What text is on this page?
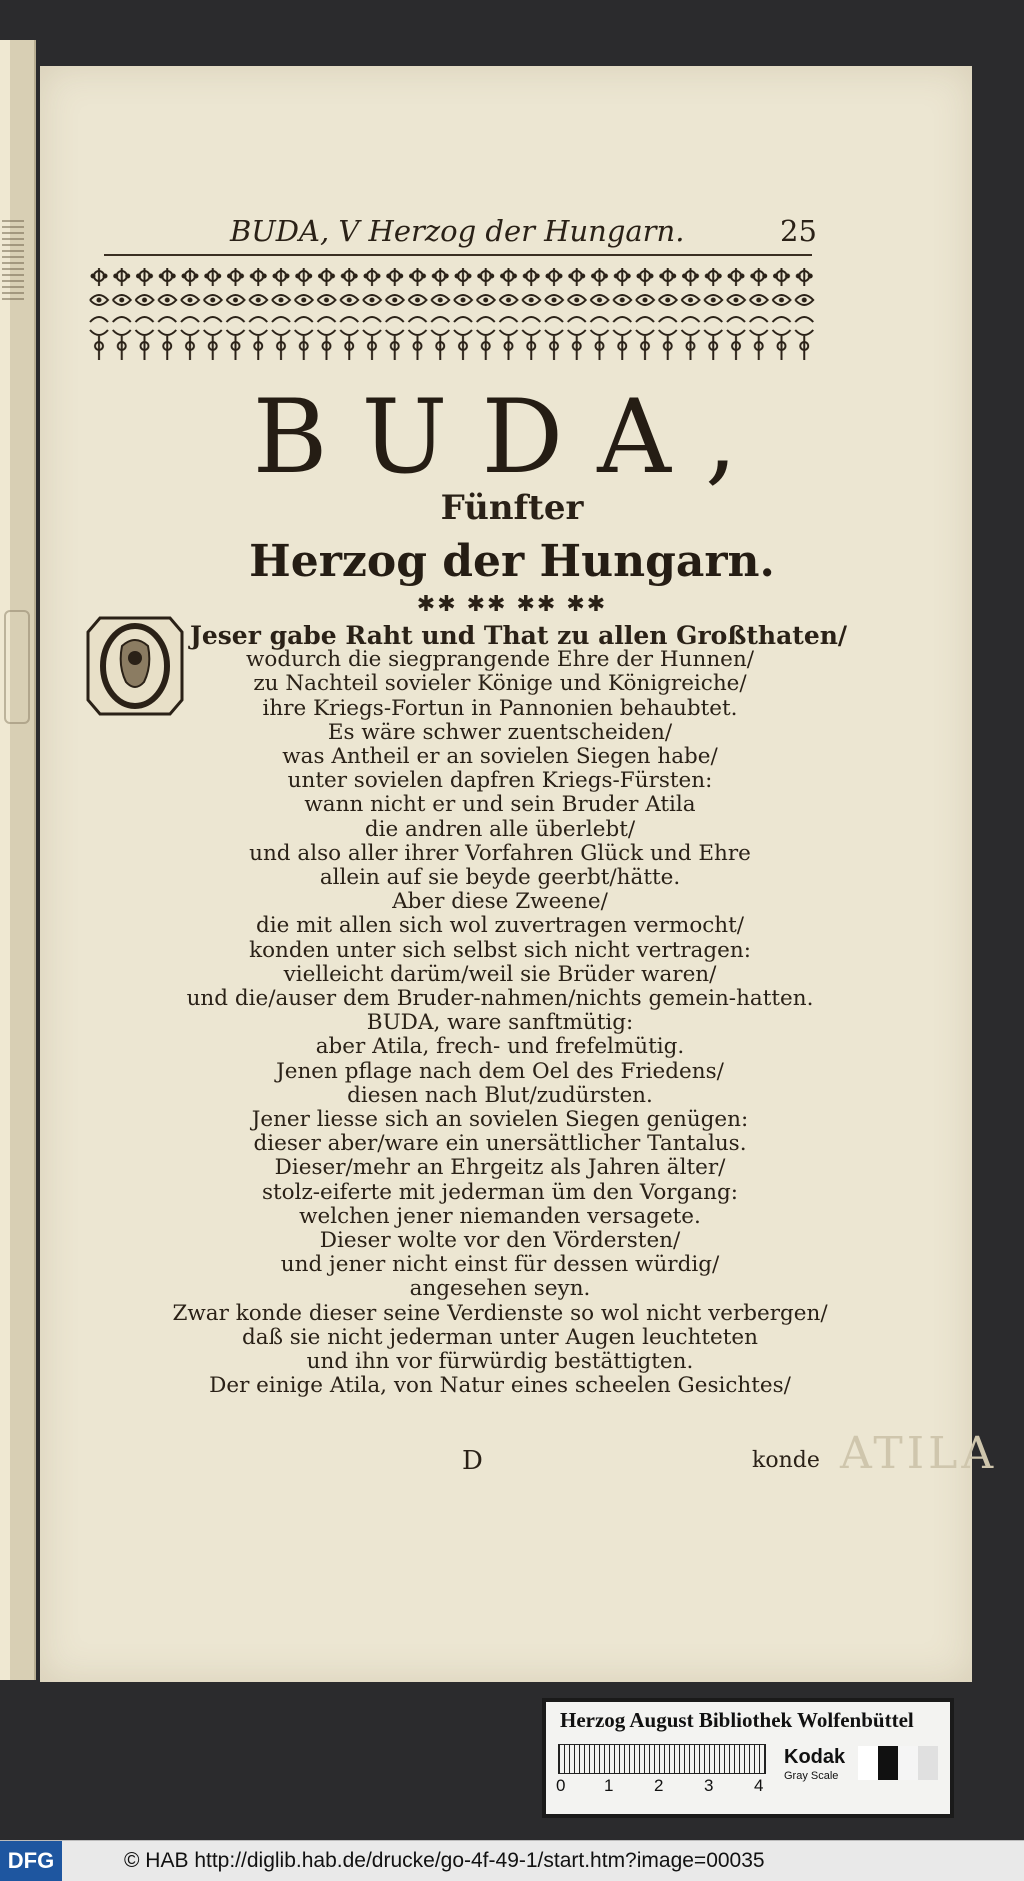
BUDA, V Herzog der Hungarn.	25
BUDA,
Fünfter
Herzog der Hungarn.
✱✱ ✱✱ ✱✱ ✱✱
Jeser gabe Raht und That zu allen Großthaten/
wodurch die siegprangende Ehre der Hunnen/
zu Nachteil sovieler Könige und Königreiche/
ihre Kriegs-Fortun in Pannonien behaubtet.
Es wäre schwer zuentscheiden/
was Antheil er an sovielen Siegen habe/
unter sovielen dapfren Kriegs-Fürsten:
wann nicht er und sein Bruder Atila
die andren alle überlebt/
und also aller ihrer Vorfahren Glück und Ehre
allein auf sie beyde geerbt/hätte.
Aber diese Zweene/
die mit allen sich wol zuvertragen vermocht/
konden unter sich selbst sich nicht vertragen:
vielleicht darüm/weil sie Brüder waren/
und die/auser dem Bruder-nahmen/nichts gemein-hatten.
BUDA, ware sanftmütig:
aber Atila, frech- und frefelmütig.
Jenen pflage nach dem Oel des Friedens/
diesen nach Blut/zudürsten.
Jener liesse sich an sovielen Siegen genügen:
dieser aber/ware ein unersättlicher Tantalus.
Dieser/mehr an Ehrgeitz als Jahren älter/
stolz-eiferte mit jederman üm den Vorgang:
welchen jener niemanden versagete.
Dieser wolte vor den Vördersten/
und jener nicht einst für dessen würdig/
angesehen seyn.
Zwar konde dieser seine Verdienste so wol nicht verbergen/
daß sie nicht jederman unter Augen leuchteten
und ihn vor fürwürdig bestättigten.
Der einige Atila, von Natur eines scheelen Gesichtes/
D	konde ATILA
Herzog August Bibliothek Wolfenbüttel
0 1 2 3 4
Kodak
Gray Scale
DFG	© HAB http://diglib.hab.de/drucke/go-4f-49-1/start.htm?image=00035
